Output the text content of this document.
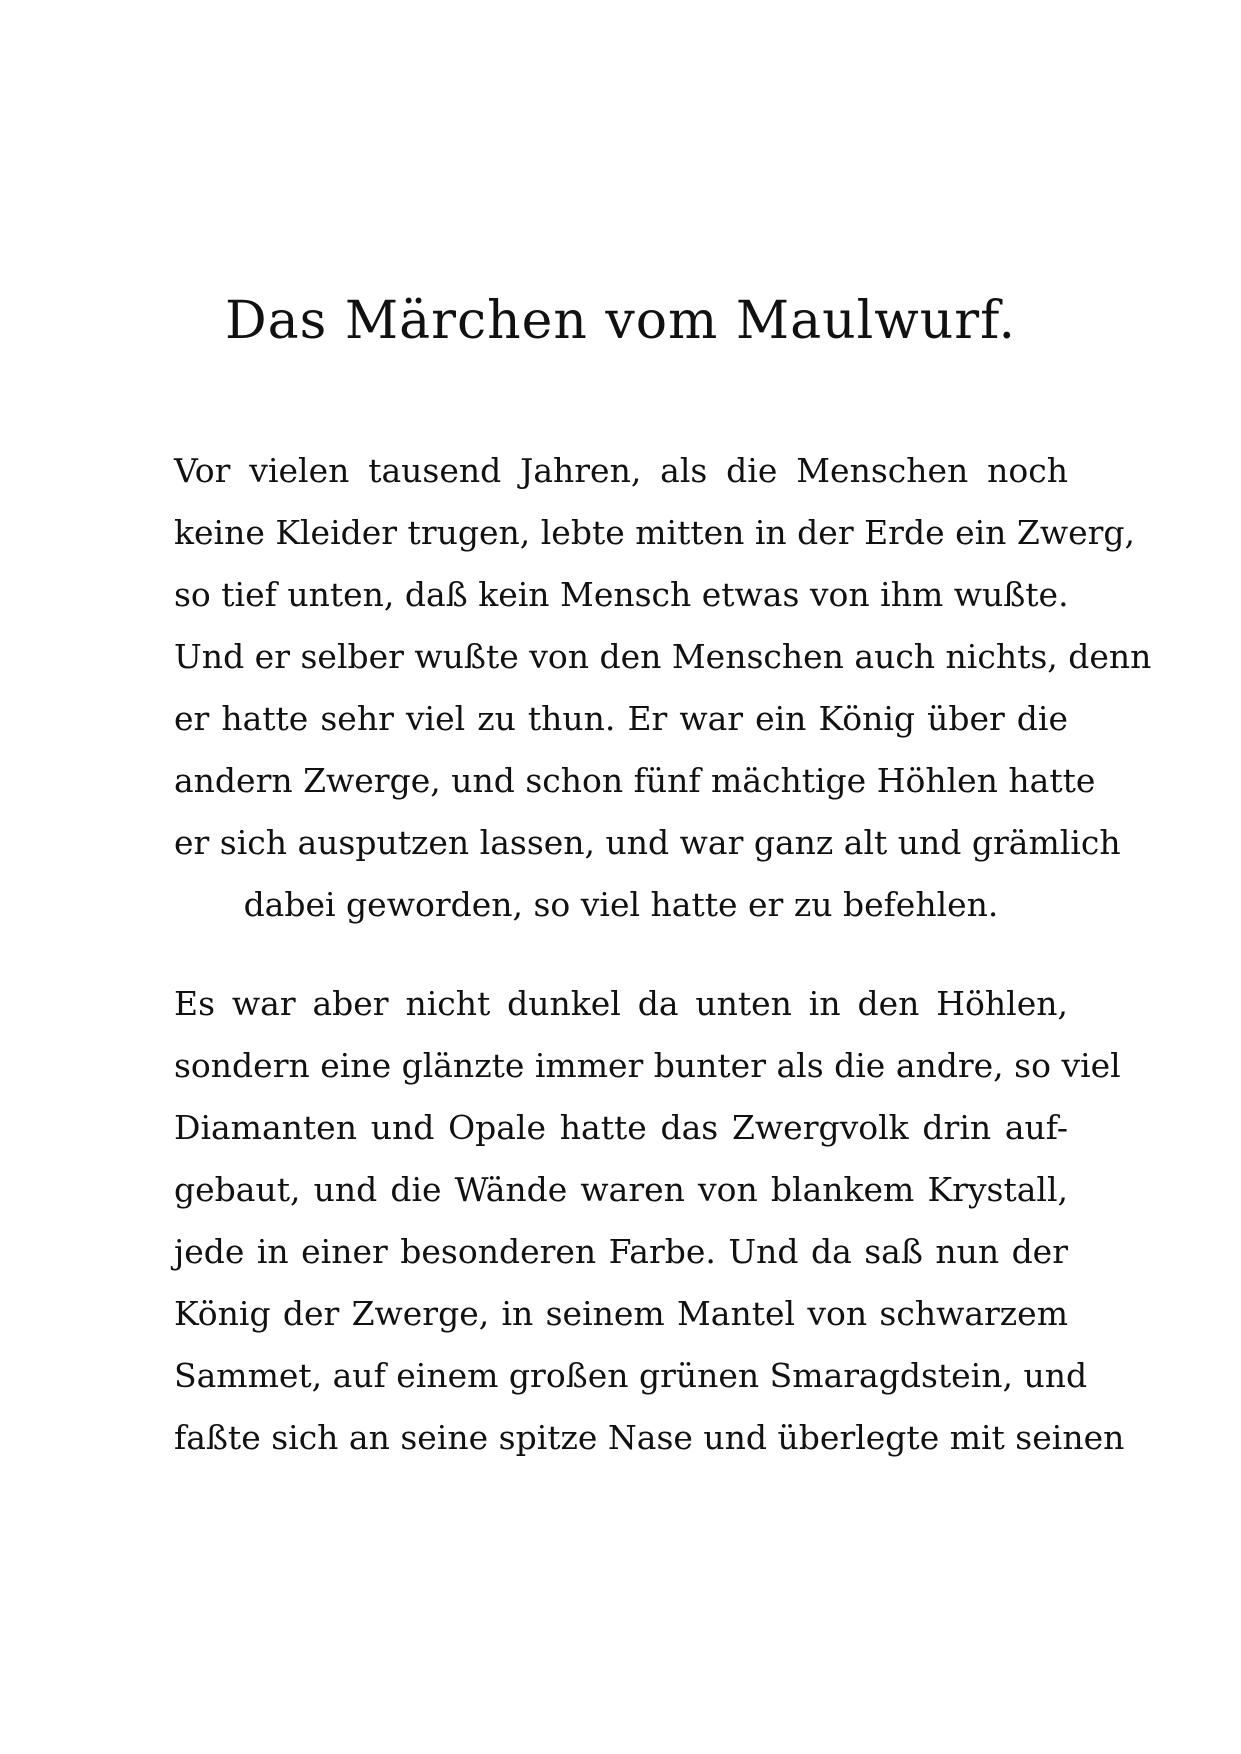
Das Märchen vom Maulwurf.

Vor vielen tausend Jahren, als die Menschen noch
keine Kleider trugen, lebte mitten in der Erde ein Zwerg,
so tief unten, daß kein Mensch etwas von ihm wußte.
Und er selber wußte von den Menschen auch nichts, denn
er hatte sehr viel zu thun. Er war ein König über die
andern Zwerge, und schon fünf mächtige Höhlen hatte
er sich ausputzen lassen, und war ganz alt und grämlich
dabei geworden, so viel hatte er zu befehlen.

Es war aber nicht dunkel da unten in den Höhlen,
sondern eine glänzte immer bunter als die andre, so viel
Diamanten und Opale hatte das Zwergvolk drin auf-
gebaut, und die Wände waren von blankem Krystall,
jede in einer besonderen Farbe. Und da saß nun der
König der Zwerge, in seinem Mantel von schwarzem
Sammet, auf einem großen grünen Smaragdstein, und
faßte sich an seine spitze Nase und überlegte mit seinen
